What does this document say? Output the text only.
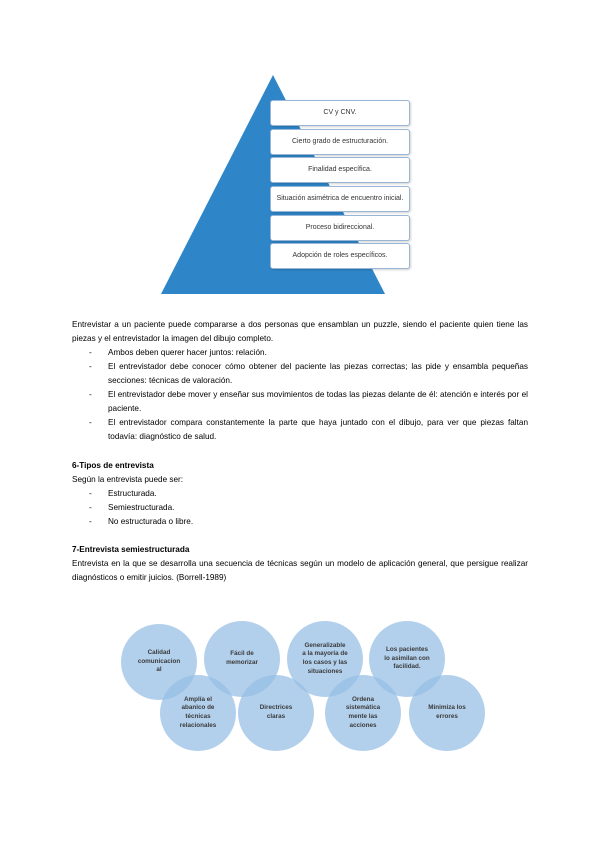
CV y CNV.
Cierto grado de estructuración.
Finalidad específica.
Situación asimétrica de encuentro inicial.
Proceso bidireccional.
Adopción de roles específicos.
Entrevistar a un paciente puede compararse a dos personas que ensamblan un puzzle, siendo el paciente quien tiene las piezas y el entrevistador la imagen del dibujo completo.
- Ambos deben querer hacer juntos: relación.
- El entrevistador debe conocer cómo obtener del paciente las piezas correctas; las pide y ensambla pequeñas secciones: técnicas de valoración.
- El entrevistador debe mover y enseñar sus movimientos de todas las piezas delante de él: atención e interés por el paciente.
- El entrevistador compara constantemente la parte que haya juntado con el dibujo, para ver que piezas faltan todavía: diagnóstico de salud.
6-Tipos de entrevista
Según la entrevista puede ser:
- Estructurada.
- Semiestructurada.
- No estructurada o libre.
7-Entrevista semiestructurada
Entrevista en la que se desarrolla una secuencia de técnicas según un modelo de aplicación general, que persigue realizar diagnósticos o emitir juicios. (Borrell-1989)
Calidad comunicacion al
Fácil de memorizar
Generalizable a la mayoría de los casos y las situaciones
Los pacientes lo asimilan con facilidad.
Amplía el abanico de técnicas relacionales
Directrices claras
Ordena sistemática mente las acciones
Minimiza los errores
